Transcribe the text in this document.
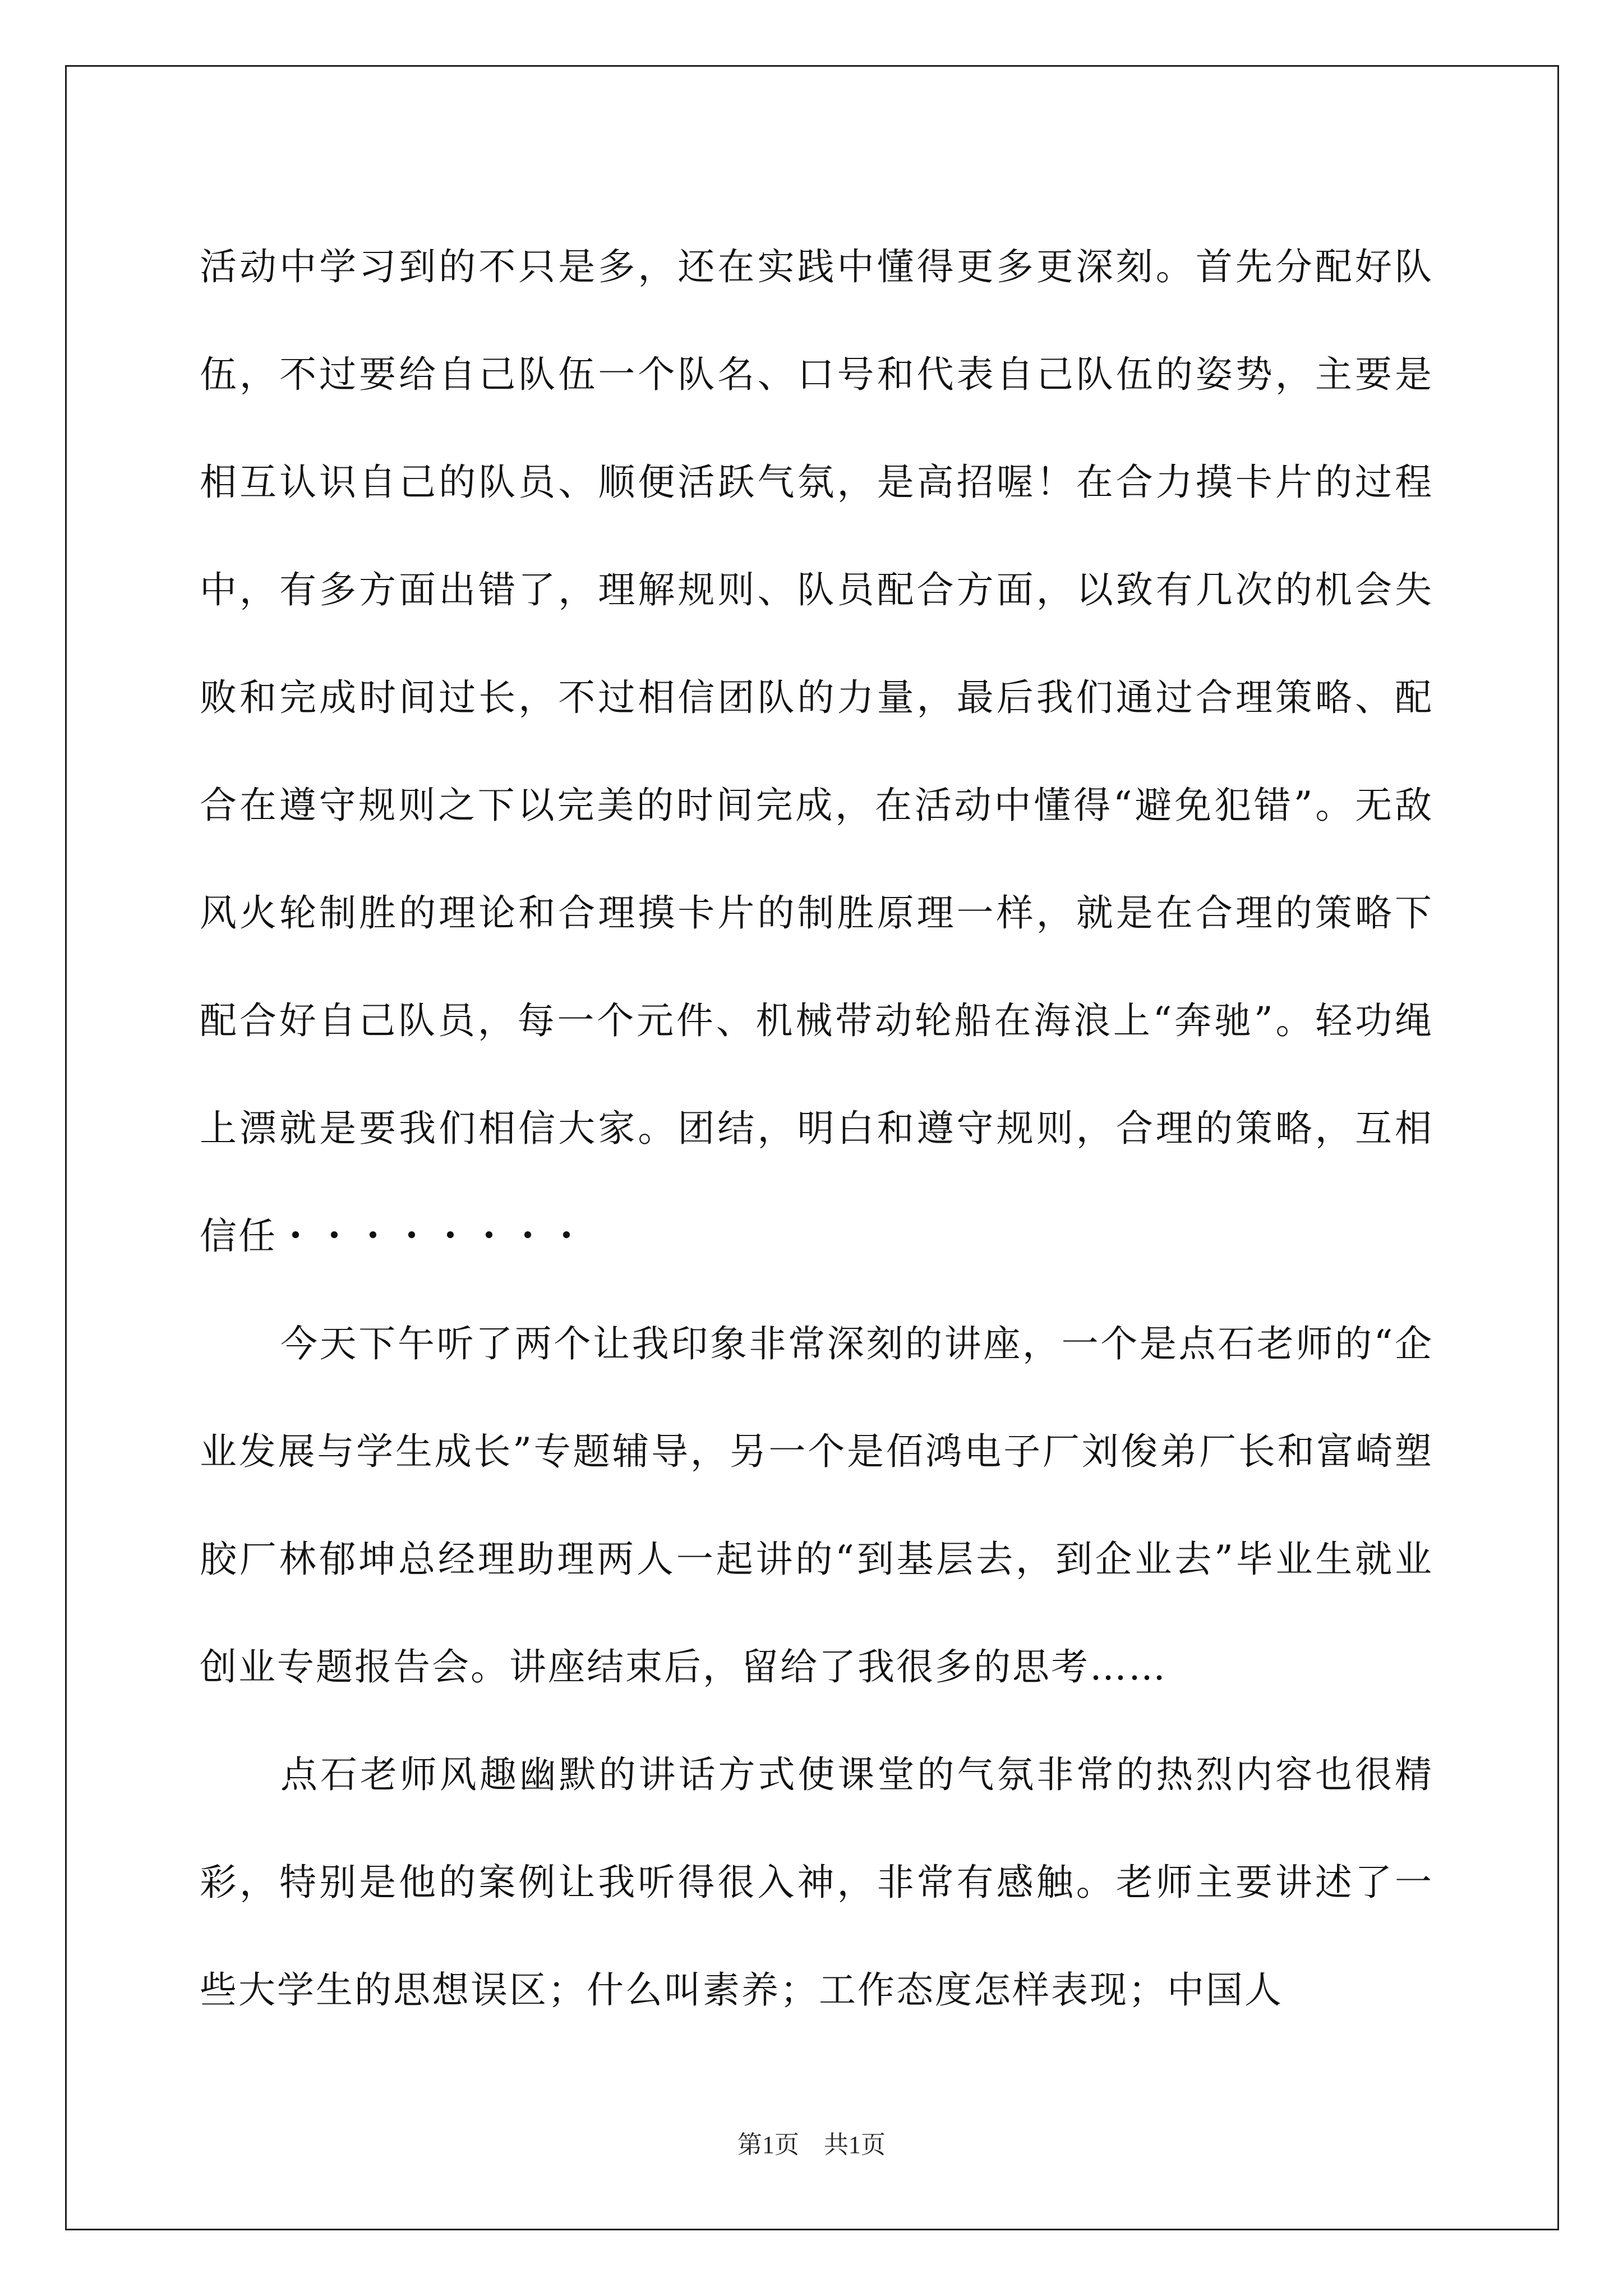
活动中学习到的不只是多，还在实践中懂得更多更深刻。首先分配好队伍，不过要给自己队伍一个队名、口号和代表自己队伍的姿势，主要是相互认识自己的队员、顺便活跃气氛，是高招喔！在合力摸卡片的过程中，有多方面出错了，理解规则、队员配合方面，以致有几次的机会失败和完成时间过长，不过相信团队的力量，最后我们通过合理策略、配合在遵守规则之下以完美的时间完成，在活动中懂得“避免犯错”。无敌风火轮制胜的理论和合理摸卡片的制胜原理一样，就是在合理的策略下配合好自己队员，每一个元件、机械带动轮船在海浪上“奔驰”。轻功绳上漂就是要我们相信大家。团结，明白和遵守规则，合理的策略，互相信任・・・・・・・・

今天下午听了两个让我印象非常深刻的讲座，一个是点石老师的“企业发展与学生成长”专题辅导，另一个是佰鸿电子厂刘俊弟厂长和富崎塑胶厂林郁坤总经理助理两人一起讲的“到基层去，到企业去”毕业生就业创业专题报告会。讲座结束后，留给了我很多的思考……

点石老师风趣幽默的讲话方式使课堂的气氛非常的热烈内容也很精彩，特别是他的案例让我听得很入神，非常有感触。老师主要讲述了一些大学生的思想误区；什么叫素养；工作态度怎样表现；中国人

第1页　共1页
